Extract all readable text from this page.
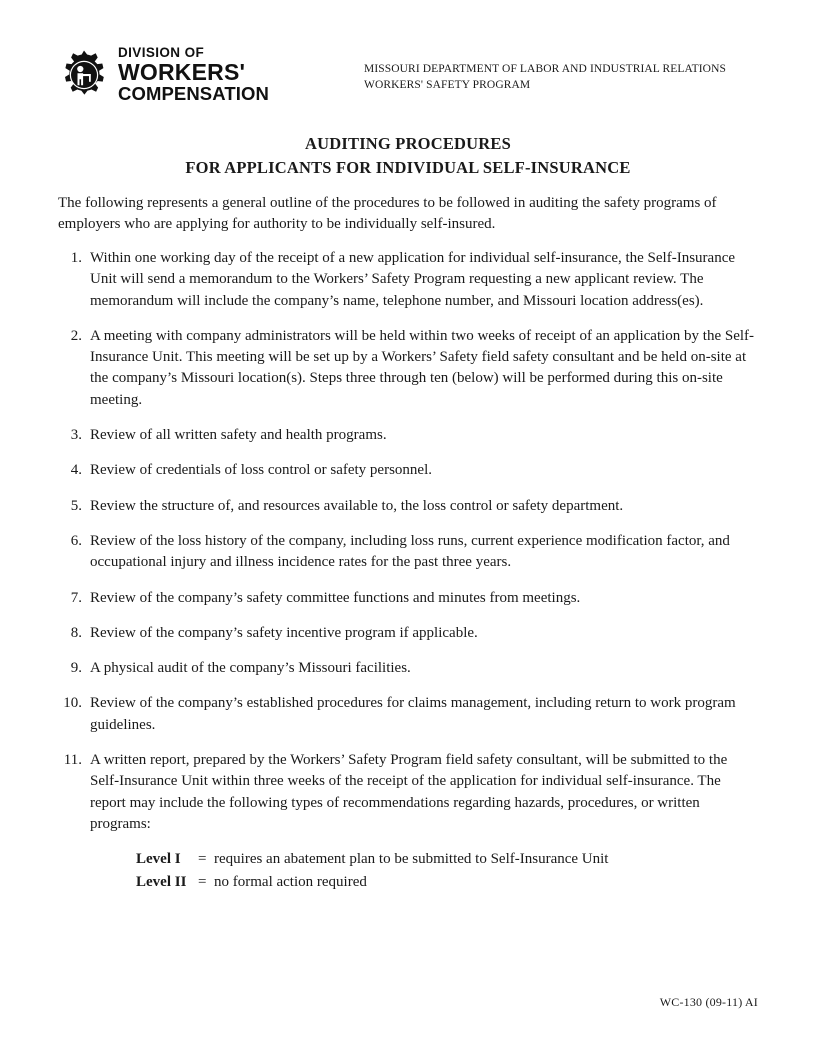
DIVISION OF
WORKERS'
COMPENSATION
MISSOURI DEPARTMENT OF LABOR AND INDUSTRIAL RELATIONS
WORKERS' SAFETY PROGRAM
AUDITING PROCEDURES
FOR APPLICANTS FOR INDIVIDUAL SELF-INSURANCE
The following represents a general outline of the procedures to be followed in auditing the safety programs of employers who are applying for authority to be individually self-insured.
1. Within one working day of the receipt of a new application for individual self-insurance, the Self-Insurance Unit will send a memorandum to the Workers’ Safety Program requesting a new applicant review. The memorandum will include the company’s name, telephone number, and Missouri location address(es).
2. A meeting with company administrators will be held within two weeks of receipt of an application by the Self-Insurance Unit. This meeting will be set up by a Workers’ Safety field safety consultant and be held on-site at the company’s Missouri location(s). Steps three through ten (below) will be performed during this on-site meeting.
3. Review of all written safety and health programs.
4. Review of credentials of loss control or safety personnel.
5. Review the structure of, and resources available to, the loss control or safety department.
6. Review of the loss history of the company, including loss runs, current experience modification factor, and occupational injury and illness incidence rates for the past three years.
7. Review of the company’s safety committee functions and minutes from meetings.
8. Review of the company’s safety incentive program if applicable.
9. A physical audit of the company’s Missouri facilities.
10. Review of the company’s established procedures for claims management, including return to work program guidelines.
11. A written report, prepared by the Workers’ Safety Program field safety consultant, will be submitted to the Self-Insurance Unit within three weeks of the receipt of the application for individual self-insurance. The report may include the following types of recommendations regarding hazards, procedures, or written programs:
Level I	= requires an abatement plan to be submitted to Self-Insurance Unit
Level II = no formal action required
WC-130 (09-11) AI
